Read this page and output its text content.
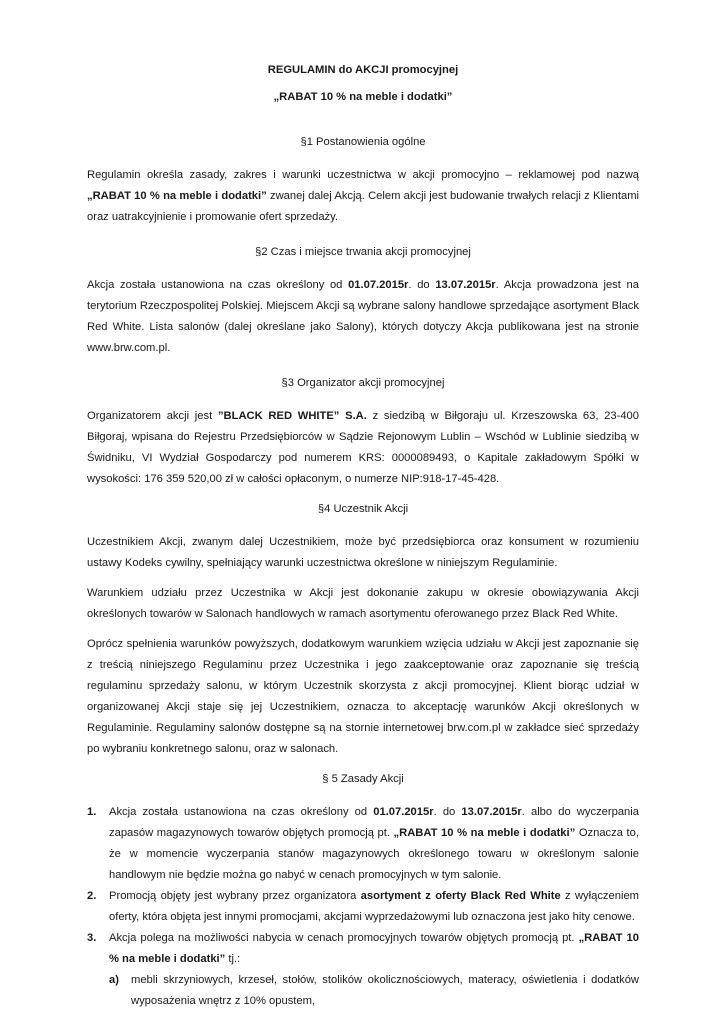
REGULAMIN do AKCJI promocyjnej
„RABAT 10 % na meble i dodatki”
§1 Postanowienia ogólne

Regulamin określa zasady, zakres i warunki uczestnictwa w akcji promocyjno – reklamowej pod nazwą „RABAT 10 % na meble i dodatki” zwanej dalej Akcją. Celem akcji jest budowanie trwałych relacji z Klientami oraz uatrakcyjnienie i promowanie ofert sprzedaży.

§2 Czas i miejsce trwania akcji promocyjnej

Akcja została ustanowiona na czas określony od 01.07.2015r. do 13.07.2015r. Akcja prowadzona jest na terytorium Rzeczpospolitej Polskiej. Miejscem Akcji są wybrane salony handlowe sprzedające asortyment Black Red White. Lista salonów (dalej określane jako Salony), których dotyczy Akcja publikowana jest na stronie www.brw.com.pl.

§3 Organizator akcji promocyjnej

Organizatorem akcji jest ”BLACK RED WHITE” S.A. z siedzibą w Biłgoraju ul. Krzeszowska 63, 23-400 Biłgoraj, wpisana do Rejestru Przedsiębiorców w Sądzie Rejonowym Lublin – Wschód w Lublinie siedzibą w Świdniku, VI Wydział Gospodarczy pod numerem KRS: 0000089493, o Kapitale zakładowym Spółki w wysokości: 176 359 520,00 zł w całości opłaconym, o numerze NIP:918-17-45-428.

§4 Uczestnik Akcji

Uczestnikiem Akcji, zwanym dalej Uczestnikiem, może być przedsiębiorca oraz konsument w rozumieniu ustawy Kodeks cywilny, spełniający warunki uczestnictwa określone w niniejszym Regulaminie.

Warunkiem udziału przez Uczestnika w Akcji jest dokonanie zakupu w okresie obowiązywania Akcji określonych towarów w Salonach handlowych w ramach asortymentu oferowanego przez Black Red White.

Oprócz spełnienia warunków powyższych, dodatkowym warunkiem wzięcia udziału w Akcji jest zapoznanie się z treścią niniejszego Regulaminu przez Uczestnika i jego zaakceptowanie oraz zapoznanie się treścią regulaminu sprzedaży salonu, w którym Uczestnik skorzysta z akcji promocyjnej. Klient biorąc udział w organizowanej Akcji staje się jej Uczestnikiem, oznacza to akceptację warunków Akcji określonych w Regulaminie. Regulaminy salonów dostępne są na stornie internetowej brw.com.pl w zakładce sieć sprzedaży po wybraniu konkretnego salonu, oraz w salonach.

§ 5 Zasady Akcji
1. Akcja została ustanowiona na czas określony od 01.07.2015r. do 13.07.2015r. albo do wyczerpania zapasów magazynowych towarów objętych promocją pt. „RABAT 10 % na meble i dodatki” Oznacza to, że w momencie wyczerpania stanów magazynowych określonego towaru w określonym salonie handlowym nie będzie można go nabyć w cenach promocyjnych w tym salonie.
2. Promocją objęty jest wybrany przez organizatora asortyment z oferty Black Red White z wyłączeniem oferty, która objęta jest innymi promocjami, akcjami wyprzedażowymi lub oznaczona jest jako hity cenowe.
3. Akcja polega na możliwości nabycia w cenach promocyjnych towarów objętych promocją pt. „RABAT 10 % na meble i dodatki” tj.:
a) mebli skrzyniowych, krzeseł, stołów, stolików okolicznościowych, materacy, oświetlenia i dodatków wyposażenia wnętrz z 10% opustem,
